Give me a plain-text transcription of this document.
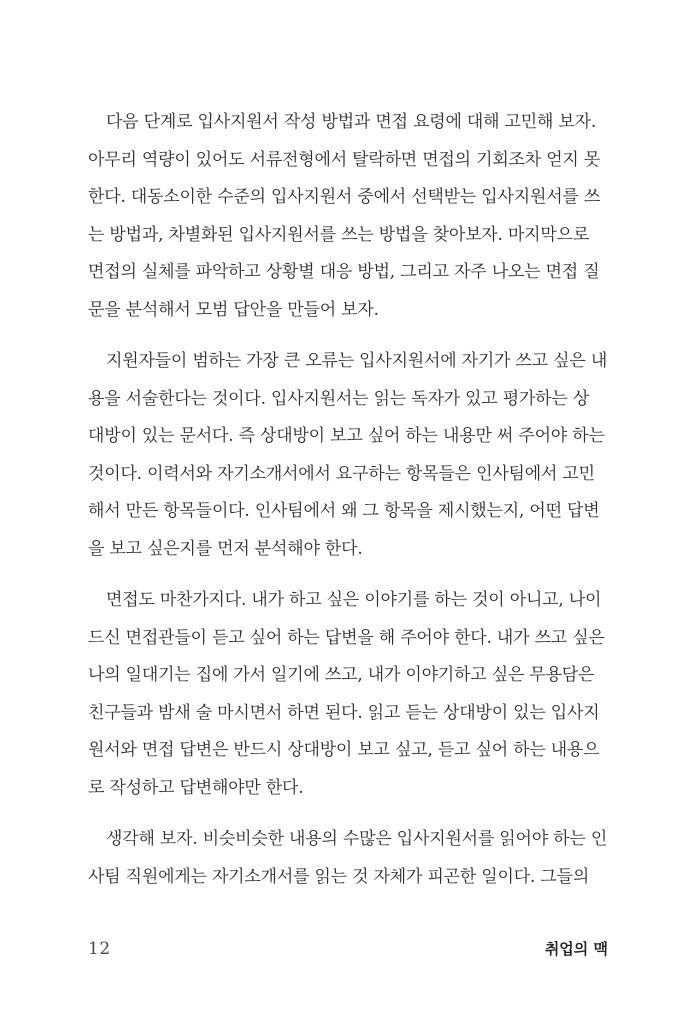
다음 단계로 입사지원서 작성 방법과 면접 요령에 대해 고민해 보자.
아무리 역량이 있어도 서류전형에서 탈락하면 면접의 기회조차 얻지 못
한다. 대동소이한 수준의 입사지원서 중에서 선택받는 입사지원서를 쓰
는 방법과, 차별화된 입사지원서를 쓰는 방법을 찾아보자. 마지막으로
면접의 실체를 파악하고 상황별 대응 방법, 그리고 자주 나오는 면접 질
문을 분석해서 모범 답안을 만들어 보자.
지원자들이 범하는 가장 큰 오류는 입사지원서에 자기가 쓰고 싶은 내
용을 서술한다는 것이다. 입사지원서는 읽는 독자가 있고 평가하는 상
대방이 있는 문서다. 즉 상대방이 보고 싶어 하는 내용만 써 주어야 하는
것이다. 이력서와 자기소개서에서 요구하는 항목들은 인사팀에서 고민
해서 만든 항목들이다. 인사팀에서 왜 그 항목을 제시했는지, 어떤 답변
을 보고 싶은지를 먼저 분석해야 한다.
면접도 마찬가지다. 내가 하고 싶은 이야기를 하는 것이 아니고, 나이
드신 면접관들이 듣고 싶어 하는 답변을 해 주어야 한다. 내가 쓰고 싶은
나의 일대기는 집에 가서 일기에 쓰고, 내가 이야기하고 싶은 무용담은
친구들과 밤새 술 마시면서 하면 된다. 읽고 듣는 상대방이 있는 입사지
원서와 면접 답변은 반드시 상대방이 보고 싶고, 듣고 싶어 하는 내용으
로 작성하고 답변해야만 한다.
생각해 보자. 비슷비슷한 내용의 수많은 입사지원서를 읽어야 하는 인
사팀 직원에게는 자기소개서를 읽는 것 자체가 피곤한 일이다. 그들의
12	취업의 맥
